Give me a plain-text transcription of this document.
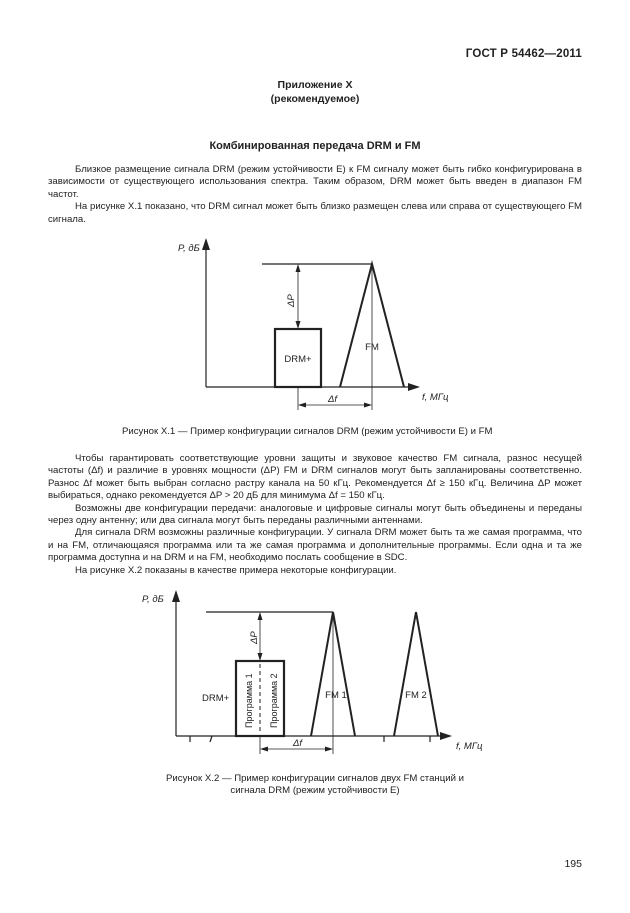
ГОСТ Р 54462—2011
Приложение X
(рекомендуемое)
Комбинированная передача DRM и FM

Близкое размещение сигнала DRM (режим устойчивости Е) к FM сигналу может быть гибко конфигурирована в зависимости от существующего использования спектра. Таким образом, DRM может быть введен в диапазон FM частот.

На рисунке X.1 показано, что DRM сигнал может быть близко размещен слева или справа от существующего FM сигнала.

P, дБ
f, МГц
DRM+
FM
ΔP
Δf
Рисунок X.1 — Пример конфигурации сигналов DRM (режим устойчивости Е) и FM

Чтобы гарантировать соответствующие уровни защиты и звуковое качество FM сигнала, разнос несущей частоты (Δf) и различие в уровнях мощности (ΔP) FM и DRM сигналов могут быть запланированы соответственно. Разнос Δf может быть выбран согласно растру канала на 50 кГц. Рекомендуется Δf ≥ 150 кГц. Величина ΔP может выбираться, однако рекомендуется ΔP > 20 дБ для минимума Δf = 150 кГц.

Возможны две конфигурации передачи: аналоговые и цифровые сигналы могут быть объединены и переданы через одну антенну; или два сигнала могут быть переданы различными антеннами.

Для сигнала DRM возможны различные конфигурации. У сигнала DRM может быть та же самая программа, что и на FM, отличающаяся программа или та же самая программа и дополнительные программы. Если одна и та же программа доступна и на DRM и на FM, необходимо послать сообщение в SDC.

На рисунке X.2 показаны в качестве примера некоторые конфигурации.

P, дБ
f, МГц
Программа 1 Программа 2
DRM+	FM 1	FM 2
ΔP
Δf
Рисунок X.2 — Пример конфигурации сигналов двух FM станций и
сигнала DRM (режим устойчивости Е)
195
